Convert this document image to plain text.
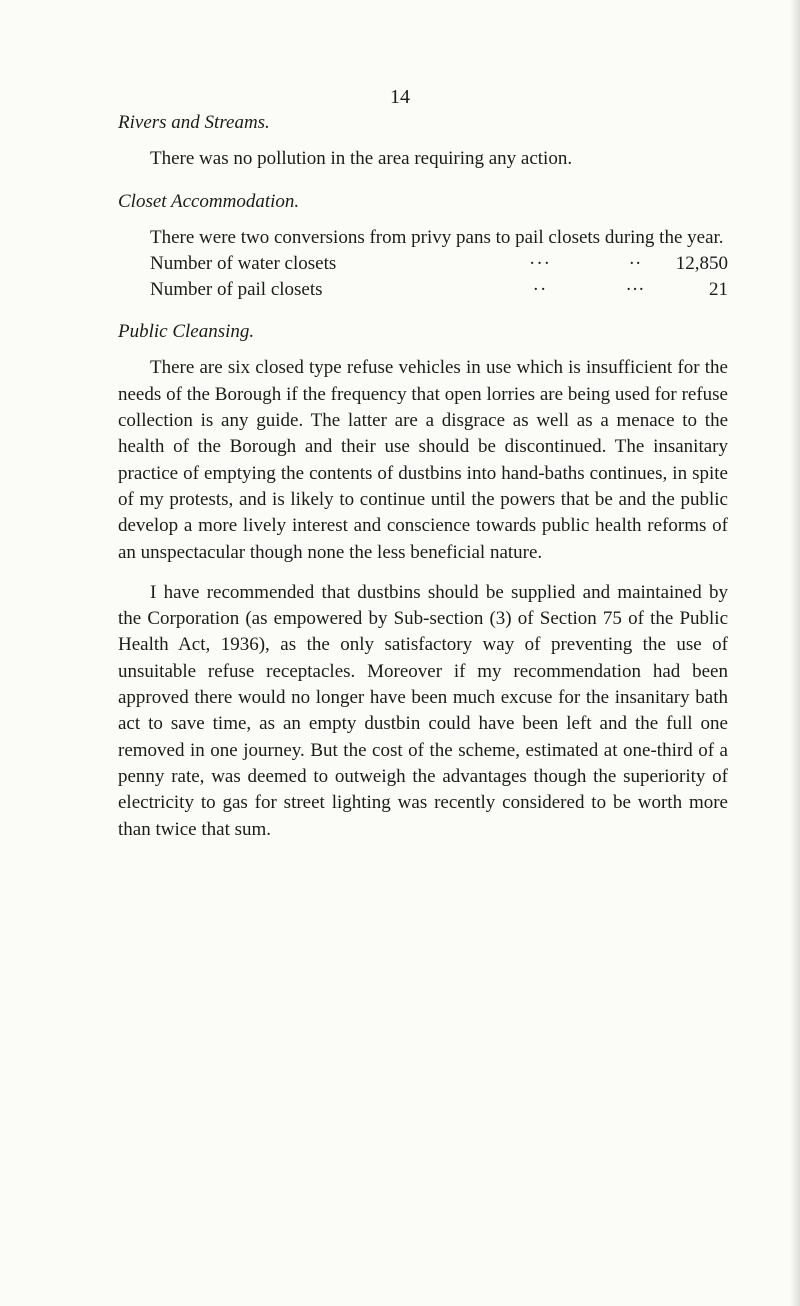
14
Rivers and Streams.

There was no pollution in the area requiring any action.

Closet Accommodation.

There were two conversions from privy pans to pail closets during the year.

Number of water closets	···	··	12,850
Number of pail closets	··	···	21
Public Cleansing.

There are six closed type refuse vehicles in use which is insufficient for the needs of the Borough if the frequency that open lorries are being used for refuse collection is any guide. The latter are a disgrace as well as a menace to the health of the Borough and their use should be discontinued. The insanitary practice of emptying the contents of dustbins into hand-baths continues, in spite of my protests, and is likely to continue until the powers that be and the public develop a more lively interest and conscience towards public health reforms of an unspectacular though none the less beneficial nature.

I have recommended that dustbins should be supplied and maintained by the Corporation (as empowered by Sub-section (3) of Section 75 of the Public Health Act, 1936), as the only satisfactory way of preventing the use of unsuitable refuse receptacles. Moreover if my recommendation had been approved there would no longer have been much excuse for the insanitary bath act to save time, as an empty dustbin could have been left and the full one removed in one journey. But the cost of the scheme, estimated at one-third of a penny rate, was deemed to outweigh the advantages though the superiority of electricity to gas for street lighting was recently considered to be worth more than twice that sum.
